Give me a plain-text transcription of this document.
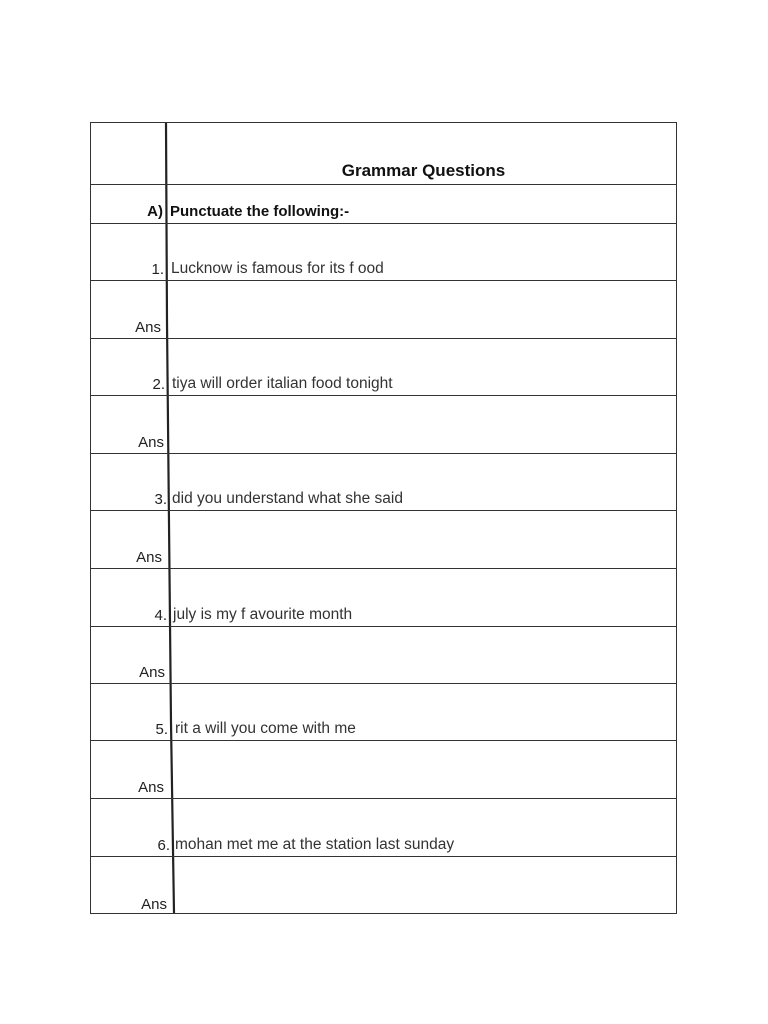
Grammar Questions
A) Punctuate the following:-
1. Lucknow is famous for its f ood
Ans
2. tiya will order italian food tonight
Ans
3. did you understand what she said
Ans
4. july is my f avourite month
Ans
5. rit a will you come with me
Ans
6. mohan met me at the station last sunday
Ans
